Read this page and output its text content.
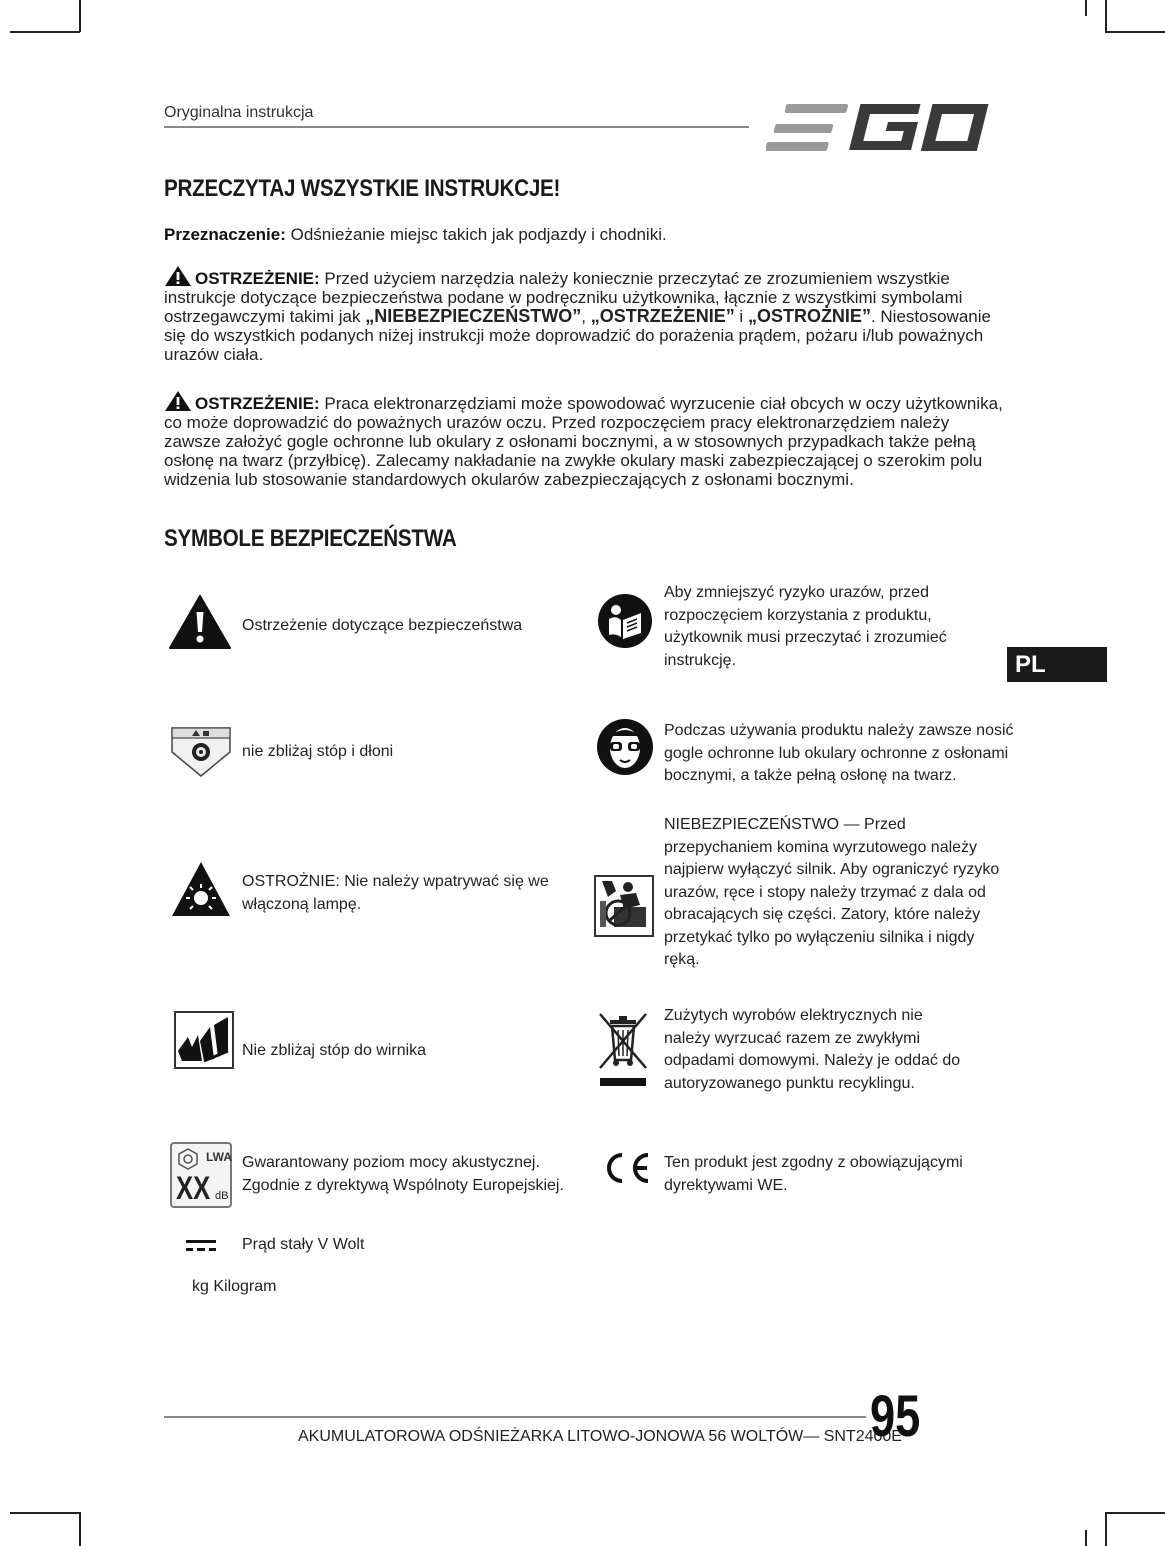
Oryginalna instrukcja
PRZECZYTAJ WSZYSTKIE INSTRUKCJE!
Przeznaczenie: Odśnieżanie miejsc takich jak podjazdy i chodniki.
OSTRZEŻENIE: Przed użyciem narzędzia należy koniecznie przeczytać ze zrozumieniem wszystkie instrukcje dotyczące bezpieczeństwa podane w podręczniku użytkownika, łącznie z wszystkimi symbolami ostrzegawczymi takimi jak „NIEBEZPIECZEŃSTWO”, „OSTRZEŻENIE” i „OSTROŻNIE”. Niestosowanie się do wszystkich podanych niżej instrukcji może doprowadzić do porażenia prądem, pożaru i/lub poważnych urazów ciała.
OSTRZEŻENIE: Praca elektronarzędziami może spowodować wyrzucenie ciał obcych w oczy użytkownika, co może doprowadzić do poważnych urazów oczu. Przed rozpoczęciem pracy elektronarzędziem należy zawsze założyć gogle ochronne lub okulary z osłonami bocznymi, a w stosownych przypadkach także pełną osłonę na twarz (przyłbicę). Zalecamy nakładanie na zwykłe okulary maski zabezpieczającej o szerokim polu widzenia lub stosowanie standardowych okularów zabezpieczających z osłonami bocznymi.
SYMBOLE BEZPIECZEŃSTWA
PL
Ostrzeżenie dotyczące bezpieczeństwa
nie zbliżaj stóp i dłoni
OSTROŻNIE: Nie należy wpatrywać się we
włączoną lampę.
Nie zbliżaj stóp do wirnika
LWA
XX dB
Gwarantowany poziom mocy akustycznej.
Zgodnie z dyrektywą Wspólnoty Europejskiej.
Prąd stały V Wolt
kg Kilogram
Aby zmniejszyć ryzyko urazów, przed
rozpoczęciem korzystania z produktu,
użytkownik musi przeczytać i zrozumieć
instrukcję.
Podczas używania produktu należy zawsze nosić
gogle ochronne lub okulary ochronne z osłonami
bocznymi, a także pełną osłonę na twarz.
NIEBEZPIECZEŃSTWO — Przed
przepychaniem komina wyrzutowego należy
najpierw wyłączyć silnik. Aby ograniczyć ryzyko
urazów, ręce i stopy należy trzymać z dala od
obracających się części. Zatory, które należy
przetykać tylko po wyłączeniu silnika i nigdy
ręką.
Zużytych wyrobów elektrycznych nie
należy wyrzucać razem ze zwykłymi
odpadami domowymi. Należy je oddać do
autoryzowanego punktu recyklingu.
Ten produkt jest zgodny z obowiązującymi
dyrektywami WE.
AKUMULATOROWA ODŚNIEŻARKA LITOWO-JONOWA 56 WOLTÓW— SNT2400E
95
